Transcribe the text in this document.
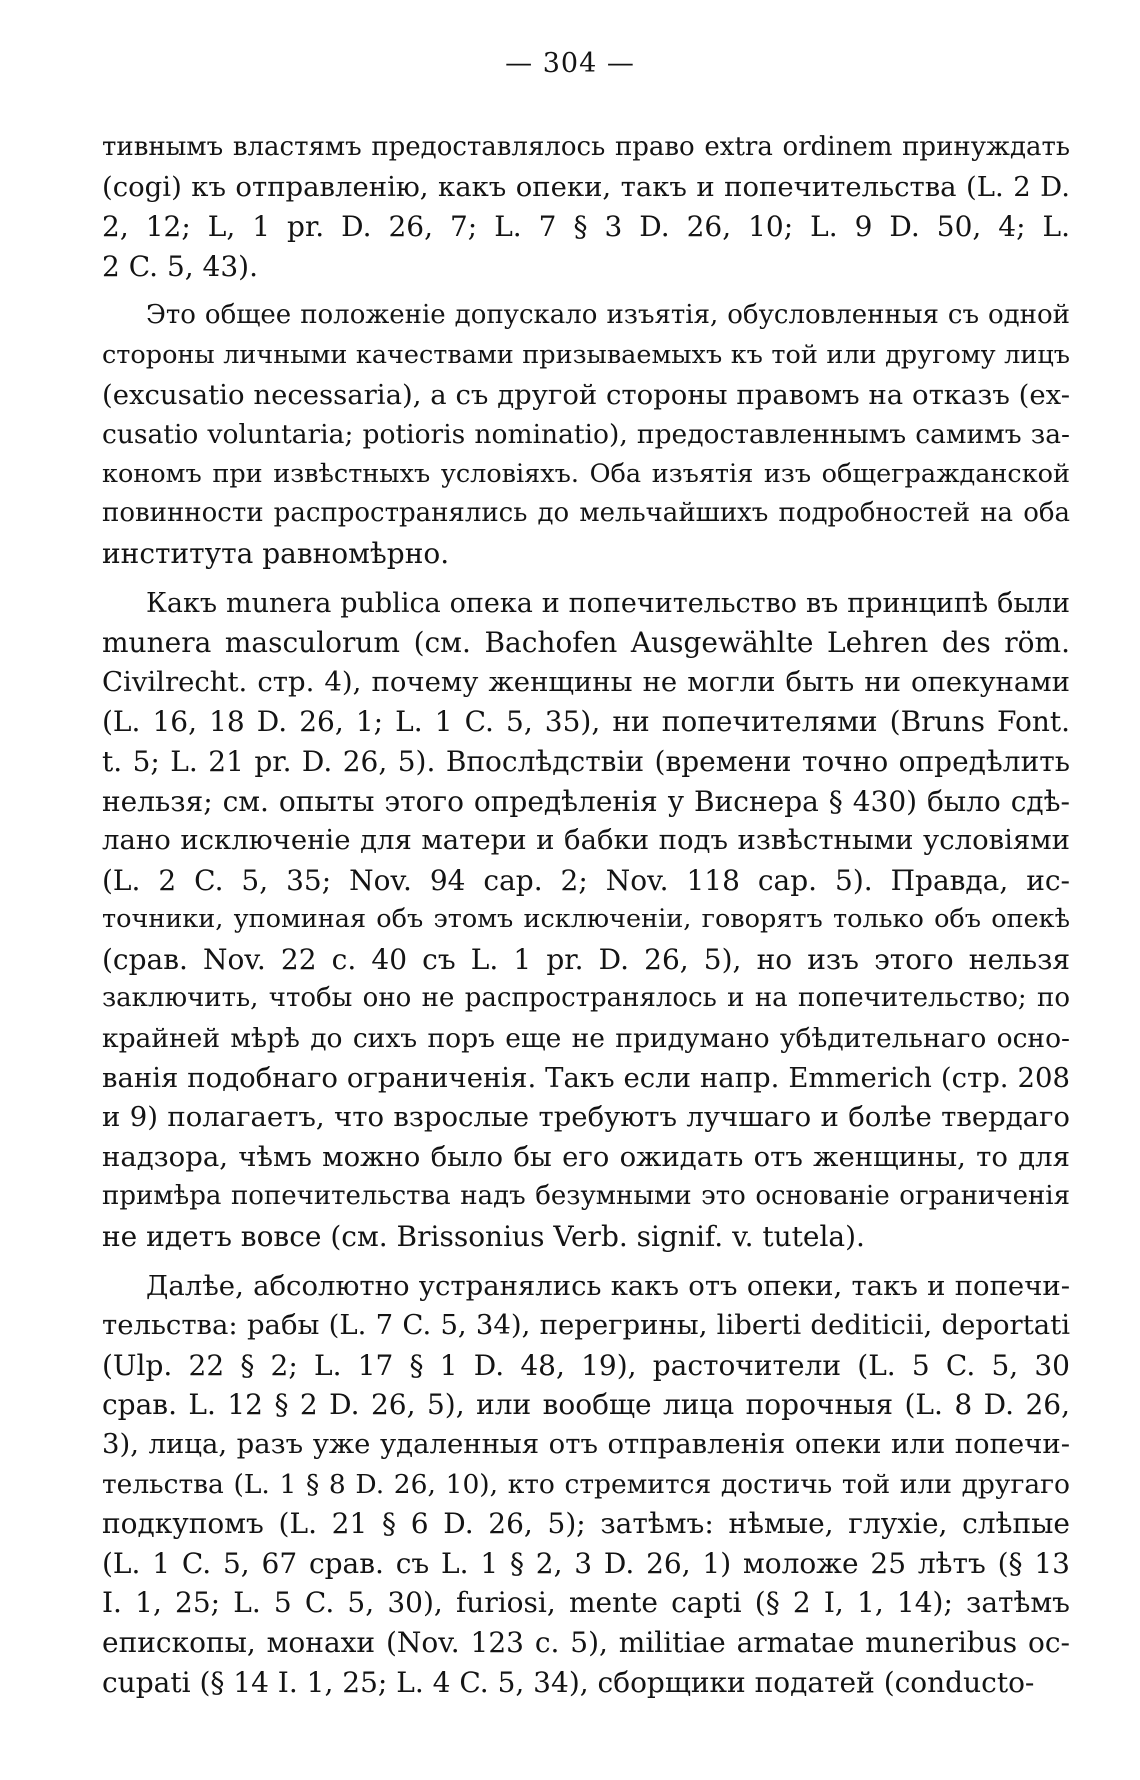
— 304 —
тивнымъ властямъ предоставлялось право extra ordinem принуждать
(cogi) къ отправленію, какъ опеки, такъ и попечительства (L. 2 D.
2, 12; L, 1 pr. D. 26, 7; L. 7 § 3 D. 26, 10; L. 9 D. 50, 4; L.
2 C. 5, 43).
Это общее положеніе допускало изъятія, обусловленныя съ одной
стороны личными качествами призываемыхъ къ той или другому лицъ
(excusatio necessaria), а съ другой стороны правомъ на отказъ (ex-
cusatio voluntaria; potioris nominatio), предоставленнымъ самимъ за-
кономъ при извѣстныхъ условіяхъ. Оба изъятія изъ общегражданской
повинности распространялись до мельчайшихъ подробностей на оба
института равномѣрно.
Какъ munera publica опека и попечительство въ принципѣ были
munera masculorum (см. Bachofen Ausgewählte Lehren des röm.
Civilrecht. стр. 4), почему женщины не могли быть ни опекунами
(L. 16, 18 D. 26, 1; L. 1 C. 5, 35), ни попечителями (Bruns Font.
t. 5; L. 21 pr. D. 26, 5). Впослѣдствіи (времени точно опредѣлить
нельзя; см. опыты этого опредѣленія у Виснера § 430) было сдѣ-
лано исключеніе для матери и бабки подъ извѣстными условіями
(L. 2 C. 5, 35; Nov. 94 cap. 2; Nov. 118 cap. 5). Правда, ис-
точники, упоминая объ этомъ исключеніи, говорятъ только объ опекѣ
(срав. Nov. 22 c. 40 съ L. 1 pr. D. 26, 5), но изъ этого нельзя
заключить, чтобы оно не распространялось и на попечительство; по
крайней мѣрѣ до сихъ поръ еще не придумано убѣдительнаго осно-
ванія подобнаго ограниченія. Такъ если напр. Emmerich (стр. 208
и 9) полагаетъ, что взрослые требуютъ лучшаго и болѣе твердаго
надзора, чѣмъ можно было бы его ожидать отъ женщины, то для
примѣра попечительства надъ безумными это основаніе ограниченія
не идетъ вовсе (см. Brissonius Verb. signif. v. tutela).
Далѣе, абсолютно устранялись какъ отъ опеки, такъ и попечи-
тельства: рабы (L. 7 C. 5, 34), перегрины, liberti dediticii, deportati
(Ulp. 22 § 2; L. 17 § 1 D. 48, 19), расточители (L. 5 C. 5, 30
срав. L. 12 § 2 D. 26, 5), или вообще лица порочныя (L. 8 D. 26,
3), лица, разъ уже удаленныя отъ отправленія опеки или попечи-
тельства (L. 1 § 8 D. 26, 10), кто стремится достичь той или другаго
подкупомъ (L. 21 § 6 D. 26, 5); затѣмъ: нѣмые, глухіе, слѣпые
(L. 1 C. 5, 67 срав. съ L. 1 § 2, 3 D. 26, 1) моложе 25 лѣтъ (§ 13
I. 1, 25; L. 5 C. 5, 30), furiosi, mente capti (§ 2 I, 1, 14); затѣмъ
епископы, монахи (Nov. 123 c. 5), militiae armatae muneribus oc-
cupati (§ 14 I. 1, 25; L. 4 C. 5, 34), сборщики податей (conducto-
